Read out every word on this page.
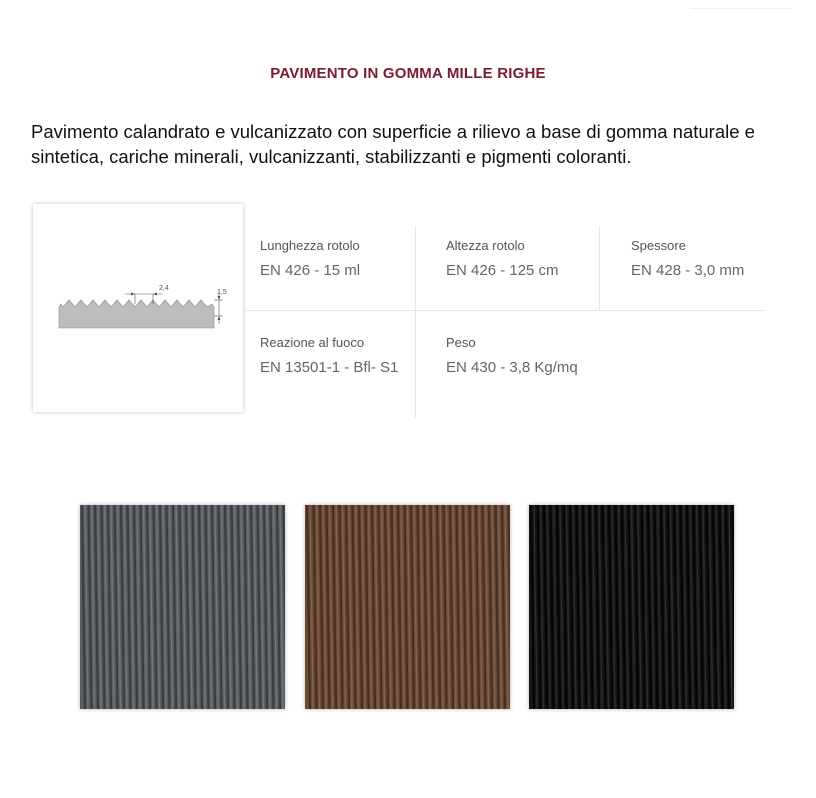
PAVIMENTO IN GOMMA MILLE RIGHE

Pavimento calandrato e vulcanizzato con superficie a rilievo a base di gomma naturale e sintetica, cariche minerali, vulcanizzanti, stabilizzanti e pigmenti coloranti.

2,4
1,5
Lunghezza rotolo
EN 426 - 15 ml
Altezza rotolo
EN 426 - 125 cm
Spessore
EN 428 - 3,0 mm
Reazione al fuoco
EN 13501-1 - Bfl- S1
Peso
EN 430 - 3,8 Kg/mq
